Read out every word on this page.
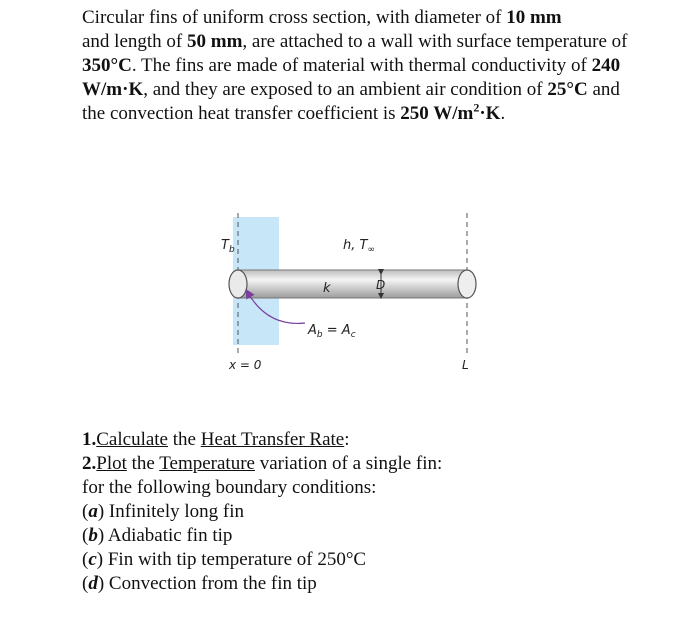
Circular fins of uniform cross section, with diameter of 10 mm
and length of 50 mm, are attached to a wall with surface temperature of 350°C. The fins are made of material with thermal conductivity of 240 W/m·K, and they are exposed to an ambient air condition of 25°C and the convection heat transfer coefficient is 250 $W/m^2\cdot K$.

$T_b$	h, $T_\infty$
k	D
$A_b = A_c$
x = 0	L

1.Calculate the Heat Transfer Rate:

2.Plot the Temperature variation of a single fin:

for the following boundary conditions:

(a) Infinitely long fin

(b) Adiabatic fin tip

(c) Fin with tip temperature of 250°C

(d) Convection from the fin tip
